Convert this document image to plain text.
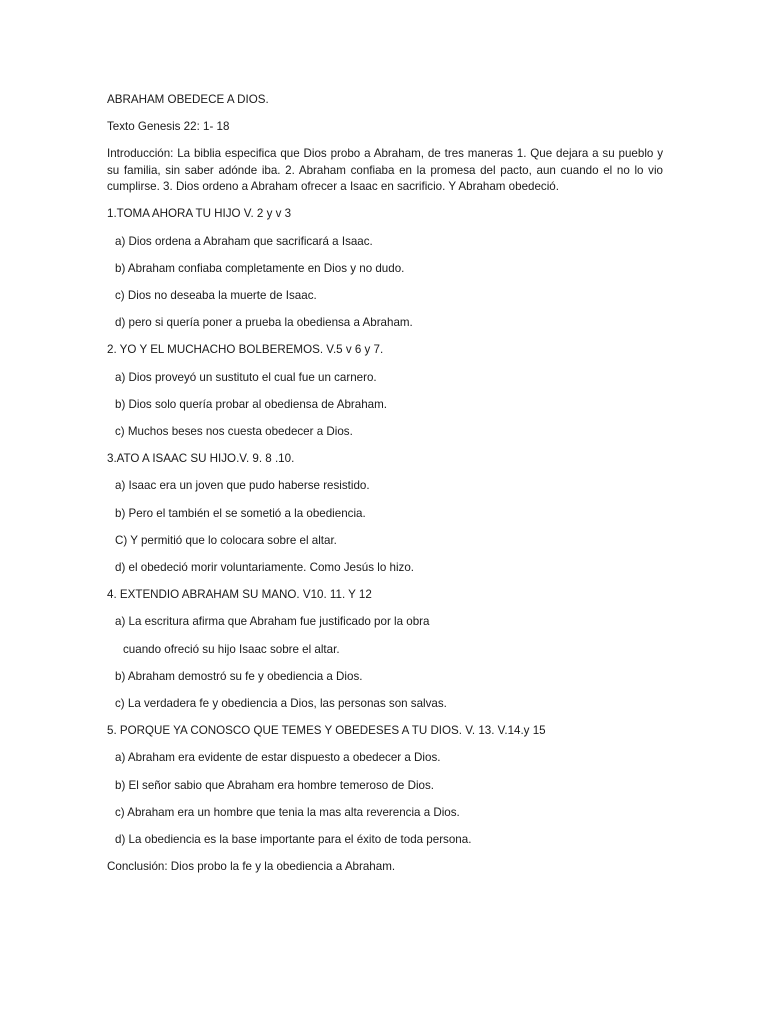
ABRAHAM OBEDECE A DIOS.

Texto Genesis 22: 1- 18

Introducción: La biblia especifica que Dios probo a Abraham, de tres maneras 1. Que dejara a su pueblo y su familia, sin saber adónde iba. 2. Abraham confiaba en la promesa del pacto, aun cuando el no lo vio cumplirse. 3. Dios ordeno a Abraham ofrecer a Isaac en sacrificio. Y Abraham obedeció.

1.TOMA AHORA TU HIJO V. 2 y v 3

a) Dios ordena a Abraham que sacrificará a Isaac.

b) Abraham confiaba completamente en Dios y no dudo.

c) Dios no deseaba la muerte de Isaac.

d) pero si quería poner a prueba la obediensa a Abraham.

2. YO Y EL MUCHACHO BOLBEREMOS. V.5 v 6 y 7.

a) Dios proveyó un sustituto el cual fue un carnero.

b) Dios solo quería probar al obediensa de Abraham.

c) Muchos beses nos cuesta obedecer a Dios.

3.ATO A ISAAC SU HIJO.V. 9. 8 .10.

a) Isaac era un joven que pudo haberse resistido.

b) Pero el también el se sometió a la obediencia.

C) Y permitió que lo colocara sobre el altar.

d) el obedeció morir voluntariamente. Como Jesús lo hizo.

4. EXTENDIO ABRAHAM SU MANO. V10. 11. Y 12

a) La escritura afirma que Abraham fue justificado por la obra

cuando ofreció su hijo Isaac sobre el altar.

b) Abraham demostró su fe y obediencia a Dios.

c) La verdadera fe y obediencia a Dios, las personas son salvas.

5. PORQUE YA CONOSCO QUE TEMES Y OBEDESES A TU DIOS. V. 13. V.14.y 15

a) Abraham era evidente de estar dispuesto a obedecer a Dios.

b) El señor sabio que Abraham era hombre temeroso de Dios.

c) Abraham era un hombre que tenia la mas alta reverencia a Dios.

d) La obediencia es la base importante para el éxito de toda persona.

Conclusión: Dios probo la fe y la obediencia a Abraham.
